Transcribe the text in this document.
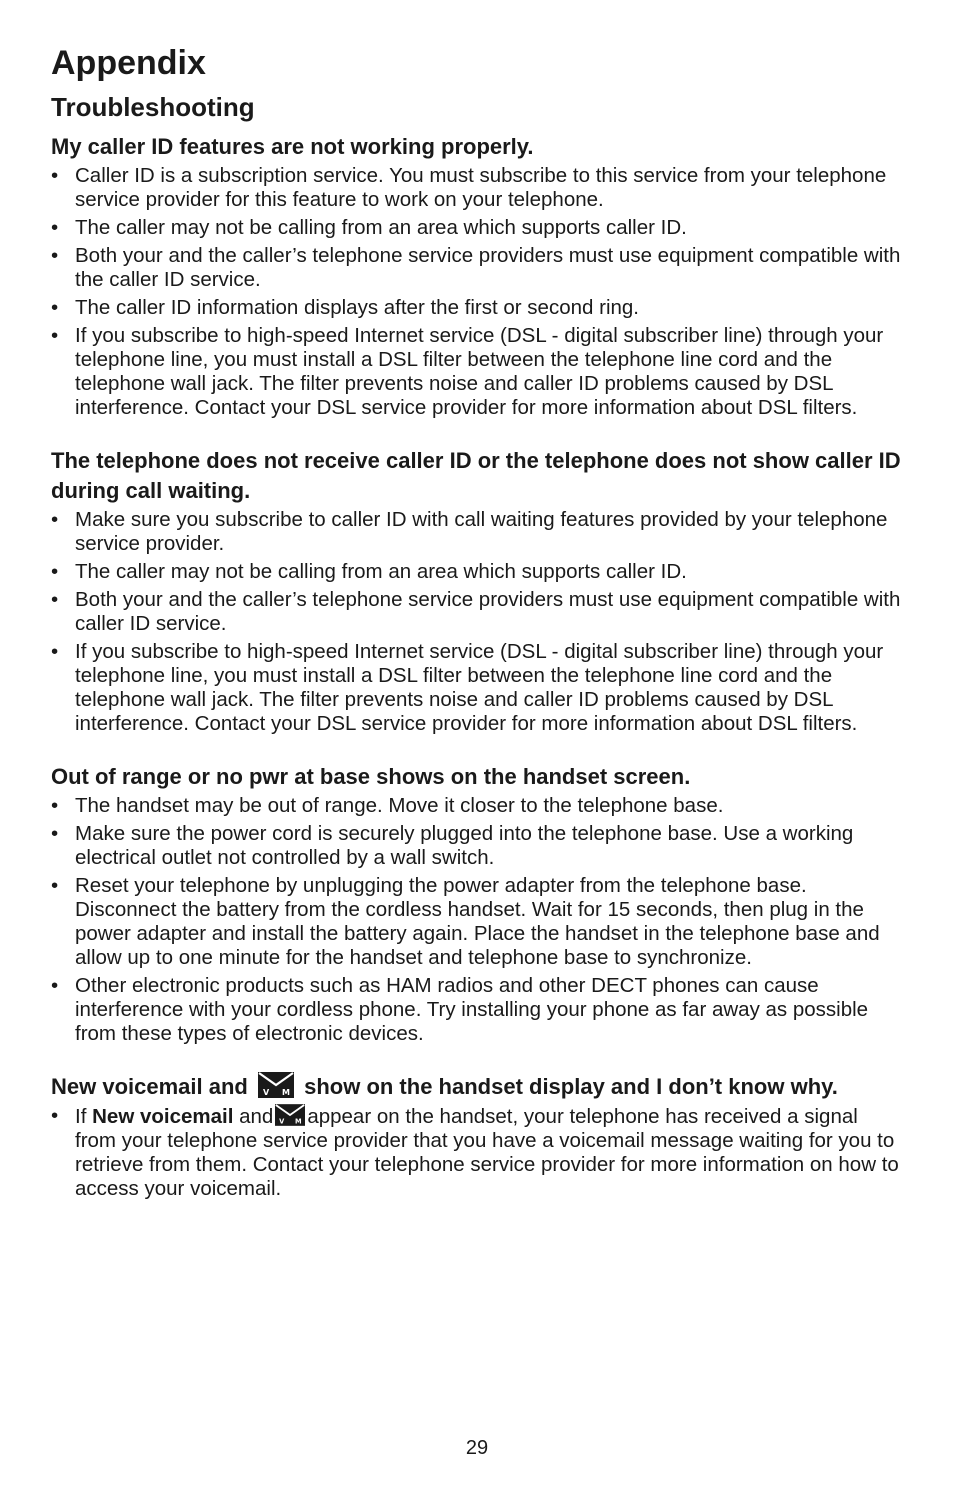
Appendix
Troubleshooting
My caller ID features are not working properly.
• Caller ID is a subscription service. You must subscribe to this service from your telephone service provider for this feature to work on your telephone.
• The caller may not be calling from an area which supports caller ID.
• Both your and the caller’s telephone service providers must use equipment compatible with the caller ID service.
• The caller ID information displays after the first or second ring.
• If you subscribe to high-speed Internet service (DSL - digital subscriber line) through your telephone line, you must install a DSL filter between the telephone line cord and the telephone wall jack. The filter prevents noise and caller ID problems caused by DSL interference. Contact your DSL service provider for more information about DSL filters.
The telephone does not receive caller ID or the telephone does not show caller ID during call waiting.
• Make sure you subscribe to caller ID with call waiting features provided by your telephone service provider.
• The caller may not be calling from an area which supports caller ID.
• Both your and the caller’s telephone service providers must use equipment compatible with caller ID service.
• If you subscribe to high-speed Internet service (DSL - digital subscriber line) through your telephone line, you must install a DSL filter between the telephone line cord and the telephone wall jack. The filter prevents noise and caller ID problems caused by DSL interference. Contact your DSL service provider for more information about DSL filters.
Out of range or no pwr at base shows on the handset screen.
• The handset may be out of range. Move it closer to the telephone base.
• Make sure the power cord is securely plugged into the telephone base. Use a working electrical outlet not controlled by a wall switch.
• Reset your telephone by unplugging the power adapter from the telephone base. Disconnect the battery from the cordless handset. Wait for 15 seconds, then plug in the power adapter and install the battery again. Place the handset in the telephone base and allow up to one minute for the handset and telephone base to synchronize.
• Other electronic products such as HAM radios and other DECT phones can cause interference with your cordless phone. Try installing your phone as far away as possible from these types of electronic devices.
New voicemail and V M show on the handset display and I don’t know why.
• If New voicemail and V M appear on the handset, your telephone has received a signal from your telephone service provider that you have a voicemail message waiting for you to retrieve from them. Contact your telephone service provider for more information on how to access your voicemail.
29
